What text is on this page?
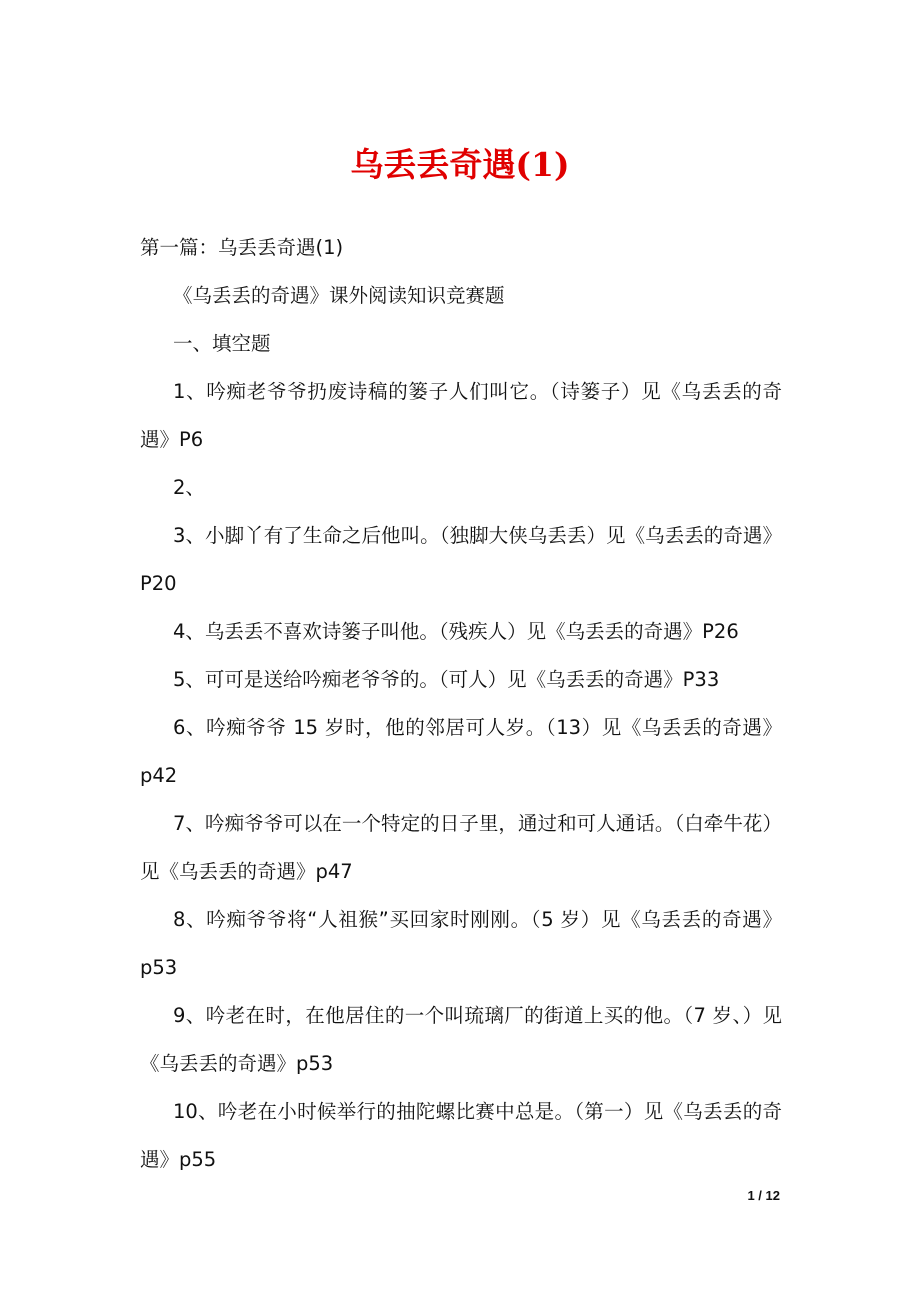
乌丢丢奇遇(1)

第一篇：乌丢丢奇遇(1)

《乌丢丢的奇遇》课外阅读知识竞赛题

一、填空题

1、吟痴老爷爷扔废诗稿的篓子人们叫它。（诗篓子）见《乌丢丢的奇遇》P6

2、

3、小脚丫有了生命之后他叫。（独脚大侠乌丢丢）见《乌丢丢的奇遇》P20

4、乌丢丢不喜欢诗篓子叫他。（残疾人）见《乌丢丢的奇遇》P26

5、可可是送给吟痴老爷爷的。（可人）见《乌丢丢的奇遇》P33

6、吟痴爷爷 15 岁时，他的邻居可人岁。（13）见《乌丢丢的奇遇》p42

7、吟痴爷爷可以在一个特定的日子里，通过和可人通话。（白牵牛花）见《乌丢丢的奇遇》p47

8、吟痴爷爷将“人祖猴”买回家时刚刚。（5 岁）见《乌丢丢的奇遇》p53

9、吟老在时，在他居住的一个叫琉璃厂的街道上买的他。（7 岁、）见《乌丢丢的奇遇》p53

10、吟老在小时候举行的抽陀螺比赛中总是。（第一）见《乌丢丢的奇遇》p55

1 / 12
